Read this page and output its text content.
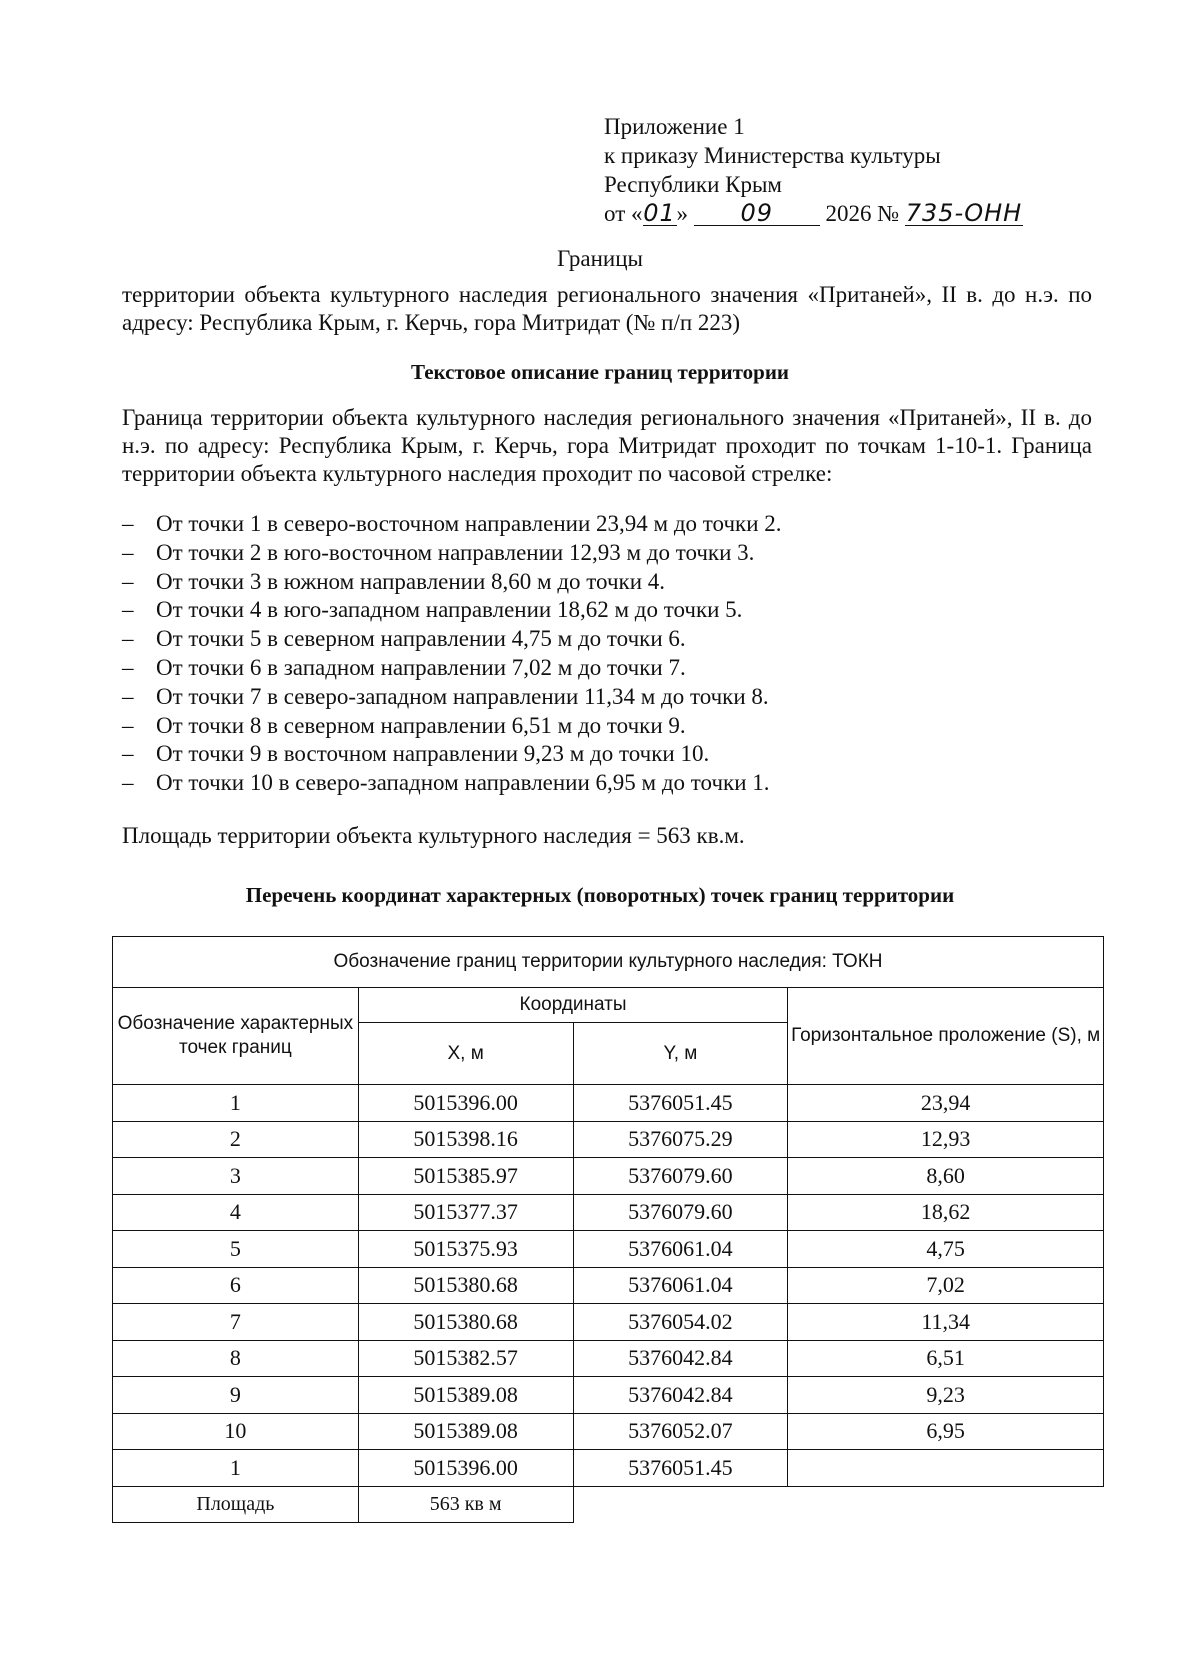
Приложение 1
к приказу Министерства культуры
Республики Крым
от «01» 09 2026 № 735-ОНН
Границы
территории объекта культурного наследия регионального значения «Пританей», II в. до н.э. по адресу: Республика Крым, г. Керчь, гора Митридат (№ п/п 223)
Текстовое описание границ территории
Граница территории объекта культурного наследия регионального значения «Пританей», II в. до н.э. по адресу: Республика Крым, г. Керчь, гора Митридат проходит по точкам 1-10-1. Граница территории объекта культурного наследия проходит по часовой стрелке:
– От точки 1 в северо-восточном направлении 23,94 м до точки 2.
– От точки 2 в юго-восточном направлении 12,93 м до точки 3.
– От точки 3 в южном направлении 8,60 м до точки 4.
– От точки 4 в юго-западном направлении 18,62 м до точки 5.
– От точки 5 в северном направлении 4,75 м до точки 6.
– От точки 6 в западном направлении 7,02 м до точки 7.
– От точки 7 в северо-западном направлении 11,34 м до точки 8.
– От точки 8 в северном направлении 6,51 м до точки 9.
– От точки 9 в восточном направлении 9,23 м до точки 10.
– От точки 10 в северо-западном направлении 6,95 м до точки 1.
Площадь территории объекта культурного наследия = 563 кв.м.
Перечень координат характерных (поворотных) точек границ территории
Обозначение границ территории культурного наследия: ТОКН			
Обозначение характерных точек границ	Координаты		Горизонтальное проложение (S), м
	X, м	Y, м	
1	5015396.00	5376051.45	23,94
2	5015398.16	5376075.29	12,93
3	5015385.97	5376079.60	8,60
4	5015377.37	5376079.60	18,62
5	5015375.93	5376061.04	4,75
6	5015380.68	5376061.04	7,02
7	5015380.68	5376054.02	11,34
8	5015382.57	5376042.84	6,51
9	5015389.08	5376042.84	9,23
10	5015389.08	5376052.07	6,95
1	5015396.00	5376051.45	
Площадь	563 кв м		
